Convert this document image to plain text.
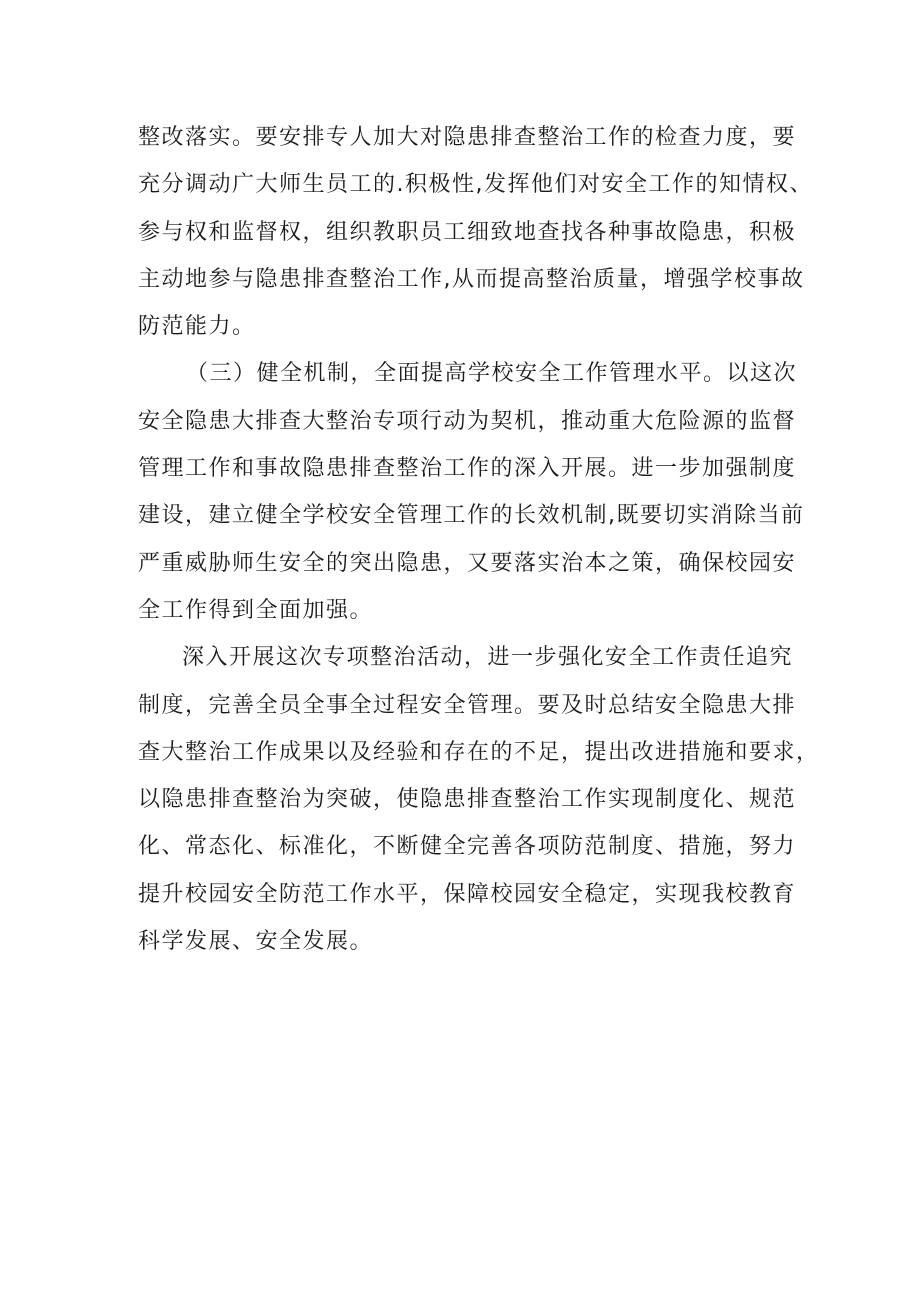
整改落实。要安排专人加大对隐患排查整治工作的检查力度，要
充分调动广大师生员工的.积极性,发挥他们对安全工作的知情权、
参与权和监督权，组织教职员工细致地查找各种事故隐患，积极
主动地参与隐患排查整治工作,从而提高整治质量，增强学校事故
防范能力。
（三）健全机制，全面提高学校安全工作管理水平。以这次
安全隐患大排查大整治专项行动为契机，推动重大危险源的监督
管理工作和事故隐患排查整治工作的深入开展。进一步加强制度
建设，建立健全学校安全管理工作的长效机制,既要切实消除当前
严重威胁师生安全的突出隐患，又要落实治本之策，确保校园安
全工作得到全面加强。
深入开展这次专项整治活动，进一步强化安全工作责任追究
制度，完善全员全事全过程安全管理。要及时总结安全隐患大排
查大整治工作成果以及经验和存在的不足，提出改进措施和要求，
以隐患排查整治为突破，使隐患排查整治工作实现制度化、规范
化、常态化、标准化，不断健全完善各项防范制度、措施，努力
提升校园安全防范工作水平，保障校园安全稳定，实现我校教育
科学发展、安全发展。
